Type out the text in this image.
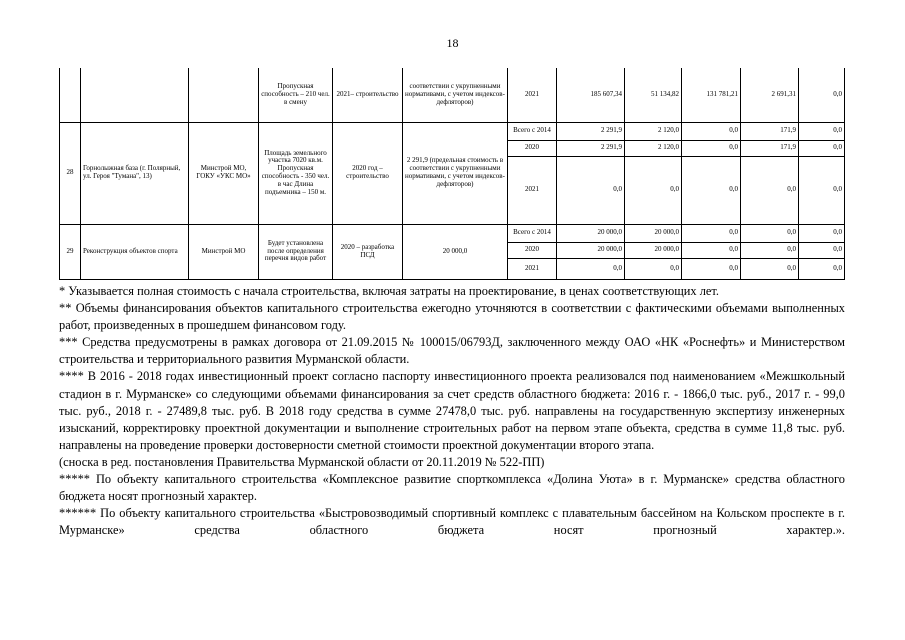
18
			Пропускная способность – 210 чел. в смену	2021– строительство	соответствии с укрупненными нормативами, с учетом индексов-дефляторов)	2021	185 607,34	51 134,82	131 781,21	2 691,31	0,0
28	Горнолыжная база (г. Полярный, ул. Героя "Тумана", 13)	Минстрой МО, ГОКУ «УКС МО»	Площадь земельного участка 7020 кв.м. Пропускная способность - 350 чел. в час Длина подъемника – 150 м.	2020 год – строительство	2 291,9 (предельная стоимость в соответствии с укрупненными нормативами, с учетом индексов-дефляторов)	Всего с 2014	2 291,9	2 120,0	0,0	171,9	0,0
						2020	2 291,9	2 120,0	0,0	171,9	0,0
						2021	0,0	0,0	0,0	0,0	0,0
29	Реконструкция объектов спорта	Минстрой МО	Будет установлена после определения перечня видов работ	2020 – разработка ПСД	20 000,0	Всего с 2014	20 000,0	20 000,0	0,0	0,0	0,0
						2020	20 000,0	20 000,0	0,0	0,0	0,0
						2021	0,0	0,0	0,0	0,0	0,0

* Указывается полная стоимость с начала строительства, включая затраты на проектирование, в ценах соответствующих лет.

** Объемы финансирования объектов капитального строительства ежегодно уточняются в соответствии с фактическими объемами выполненных работ, произведенных в прошедшем финансовом году.

*** Средства предусмотрены в рамках договора от 21.09.2015 № 100015/06793Д, заключенного между ОАО «НК «Роснефть» и Министерством строительства и территориального развития Мурманской области.

**** В 2016 - 2018 годах инвестиционный проект согласно паспорту инвестиционного проекта реализовался под наименованием «Межшкольный стадион в г. Мурманске» со следующими объемами финансирования за счет средств областного бюджета: 2016 г. - 1866,0 тыс. руб., 2017 г. - 99,0 тыс. руб., 2018 г. - 27489,8 тыс. руб. В 2018 году средства в сумме 27478,0 тыс. руб. направлены на государственную экспертизу инженерных изысканий, корректировку проектной документации и выполнение строительных работ на первом этапе объекта, средства в сумме 11,8 тыс. руб. направлены на проведение проверки достоверности сметной стоимости проектной документации второго этапа.

(сноска в ред. постановления Правительства Мурманской области от 20.11.2019 № 522-ПП)

***** По объекту капитального строительства «Комплексное развитие спорткомплекса «Долина Уюта» в г. Мурманске» средства областного бюджета носят прогнозный характер.

****** По объекту капитального строительства «Быстровозводимый спортивный комплекс с плавательным бассейном на Кольском проспекте в г. Мурманске» средства областного бюджета носят прогнозный характер.».
